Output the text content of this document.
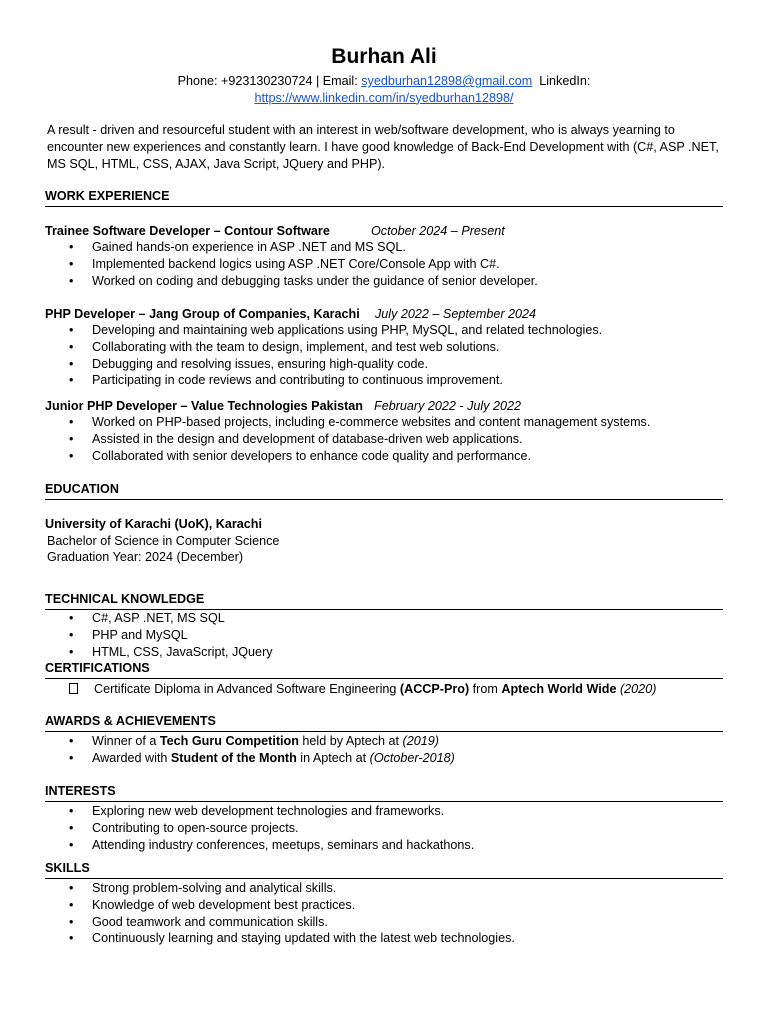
Burhan Ali
Phone: +923130230724 | Email: syedburhan12898@gmail.com LinkedIn:
https://www.linkedin.com/in/syedburhan12898/
A result - driven and resourceful student with an interest in web/software development, who is always yearning to encounter new experiences and constantly learn. I have good knowledge of Back-End Development with (C#, ASP .NET, MS SQL, HTML, CSS, AJAX, Java Script, JQuery and PHP).
WORK EXPERIENCE
Trainee Software Developer – Contour Software	October 2024 – Present
• Gained hands-on experience in ASP .NET and MS SQL.
• Implemented backend logics using ASP .NET Core/Console App with C#.
• Worked on coding and debugging tasks under the guidance of senior developer.
PHP Developer – Jang Group of Companies, Karachi July 2022 – September 2024
• Developing and maintaining web applications using PHP, MySQL, and related technologies.
• Collaborating with the team to design, implement, and test web solutions.
• Debugging and resolving issues, ensuring high-quality code.
• Participating in code reviews and contributing to continuous improvement.
Junior PHP Developer – Value Technologies Pakistan February 2022 - July 2022
• Worked on PHP-based projects, including e-commerce websites and content management systems.
• Assisted in the design and development of database-driven web applications.
• Collaborated with senior developers to enhance code quality and performance.
EDUCATION
University of Karachi (UoK), Karachi
Bachelor of Science in Computer Science
Graduation Year: 2024 (December)
TECHNICAL KNOWLEDGE
• C#, ASP .NET, MS SQL
• PHP and MySQL
• HTML, CSS, JavaScript, JQuery
CERTIFICATIONS
Certificate Diploma in Advanced Software Engineering (ACCP-Pro) from Aptech World Wide (2020)
AWARDS & ACHIEVEMENTS
• Winner of a Tech Guru Competition held by Aptech at (2019)
• Awarded with Student of the Month in Aptech at (October-2018)
INTERESTS
• Exploring new web development technologies and frameworks.
• Contributing to open-source projects.
• Attending industry conferences, meetups, seminars and hackathons.
SKILLS
• Strong problem-solving and analytical skills.
• Knowledge of web development best practices.
• Good teamwork and communication skills.
• Continuously learning and staying updated with the latest web technologies.
